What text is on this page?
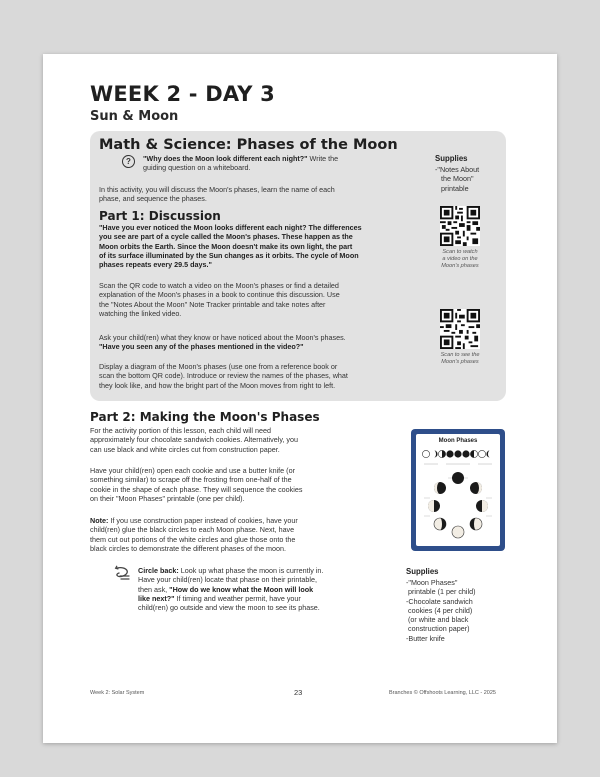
WEEK 2 - DAY 3
Sun & Moon
Math & Science: Phases of the Moon
?	"Why does the Moon look different each night?" Write the
guiding question on a whiteboard.
In this activity, you will discuss the Moon's phases, learn the name of each
phase, and sequence the phases.
Part 1: Discussion
"Have you ever noticed the Moon looks different each night? The differences
you see are part of a cycle called the Moon's phases. These happen as the
Moon orbits the Earth. Since the Moon doesn't make its own light, the part
of its surface illuminated by the Sun changes as it orbits. The cycle of Moon
phases repeats every 29.5 days."
Scan the QR code to watch a video on the Moon's phases or find a detailed
explanation of the Moon's phases in a book to continue this discussion. Use
the "Notes About the Moon" Note Tracker printable and take notes after
watching the linked video.
Ask your child(ren) what they know or have noticed about the Moon's phases.
"Have you seen any of the phases mentioned in the video?"
Display a diagram of the Moon's phases (use one from a reference book or
scan the bottom QR code). Introduce or review the names of the phases, what
they look like, and how the bright part of the Moon moves from right to left.
Supplies
-"Notes About
the Moon"
printable
Scan to watch
a video on the
Moon's phases
Scan to see the
Moon's phases
Part 2: Making the Moon's Phases
For the activity portion of this lesson, each child will need
approximately four chocolate sandwich cookies. Alternatively, you
can use black and white circles cut from construction paper.
Have your child(ren) open each cookie and use a butter knife (or
something similar) to scrape off the frosting from one-half of the
cookie in the shape of each phase. They will sequence the cookies
on their "Moon Phases" printable (one per child).
Note: If you use construction paper instead of cookies, have your
child(ren) glue the black circles to each Moon phase. Next, have
them cut out portions of the white circles and glue those onto the
black circles to demonstrate the different phases of the moon.
Circle back: Look up what phase the moon is currently in.
Have your child(ren) locate that phase on their printable,
then ask, "How do we know what the Moon will look
like next?" If timing and weather permit, have your
child(ren) go outside and view the moon to see its phase.
Moon Phases
Supplies
-"Moon Phases"
printable (1 per child)
-Chocolate sandwich
cookies (4 per child)
(or white and black
construction paper)
-Butter knife
Week 2: Solar System	23	Branches © Offshoots Learning, LLC - 2025
